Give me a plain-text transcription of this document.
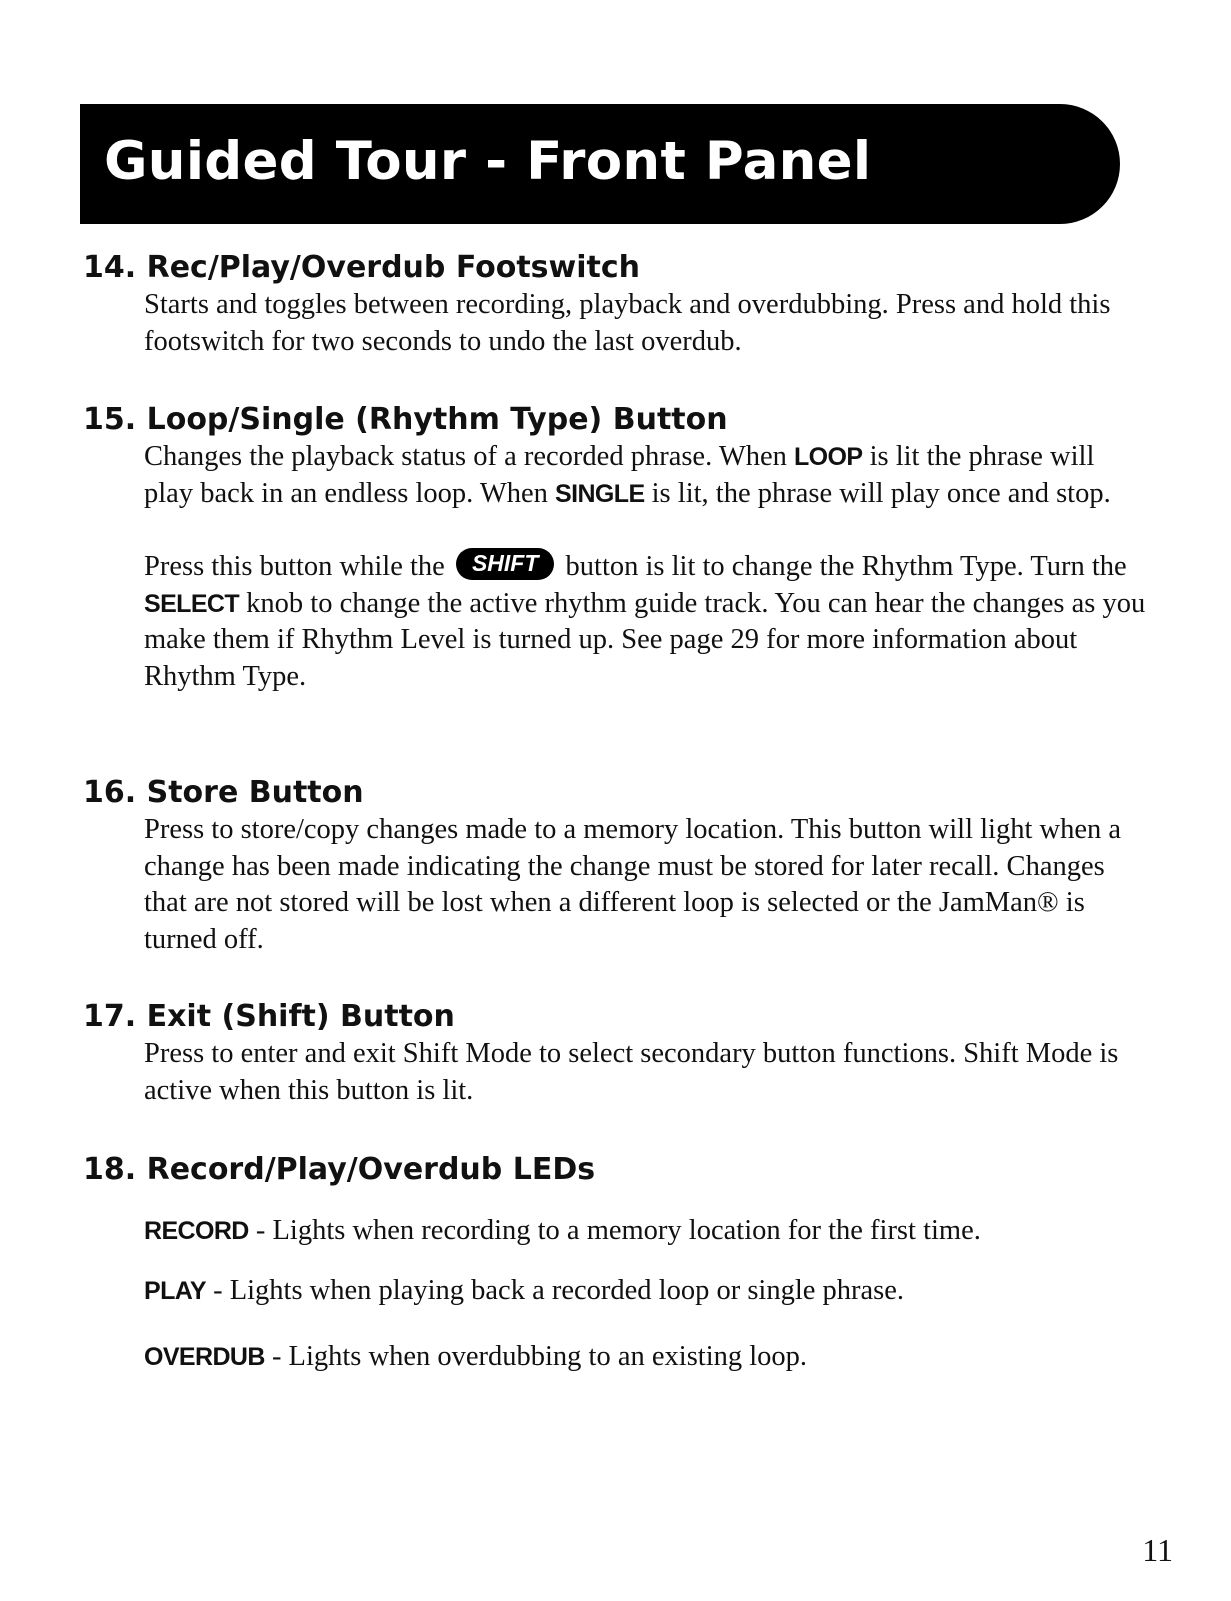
Guided Tour - Front Panel
14. Rec/Play/Overdub Footswitch

Starts and toggles between recording, playback and overdubbing. Press and hold this footswitch for two seconds to undo the last overdub.

15. Loop/Single (Rhythm Type) Button

Changes the playback status of a recorded phrase. When LOOP is lit the phrase will play back in an endless loop. When SINGLE is lit, the phrase will play once and stop.

Press this button while the SHIFT button is lit to change the Rhythm Type. Turn the SELECT knob to change the active rhythm guide track. You can hear the changes as you make them if Rhythm Level is turned up. See page 29 for more information about Rhythm Type.

16. Store Button

Press to store/copy changes made to a memory location. This button will light when a change has been made indicating the change must be stored for later recall. Changes that are not stored will be lost when a different loop is selected or the JamMan® is turned off.

17. Exit (Shift) Button

Press to enter and exit Shift Mode to select secondary button functions. Shift Mode is active when this button is lit.

18. Record/Play/Overdub LEDs

RECORD - Lights when recording to a memory location for the first time.

PLAY - Lights when playing back a recorded loop or single phrase.

OVERDUB - Lights when overdubbing to an existing loop.

11
